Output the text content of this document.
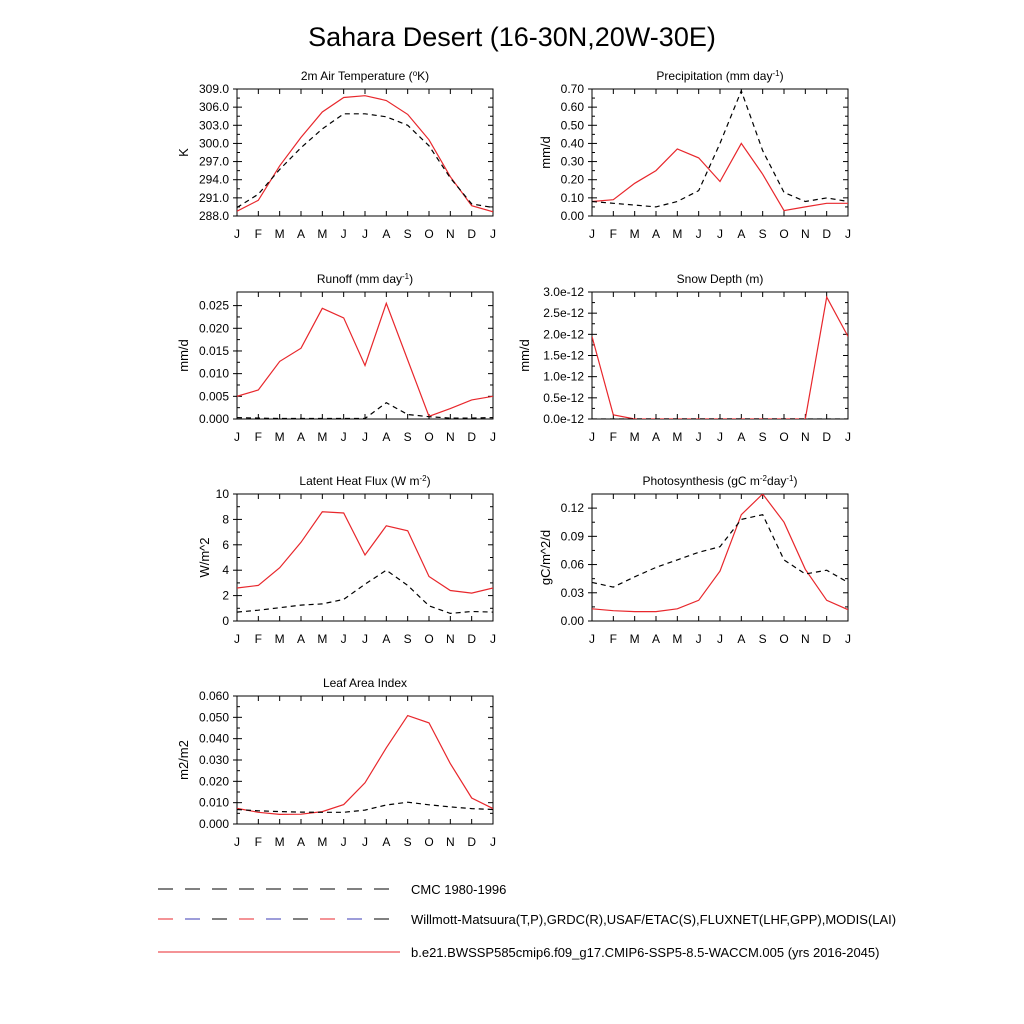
Sahara Desert (16-30N,20W-30E)
J F M A M J J A S O N D J
288.0
291.0
294.0
297.0
300.0
303.0
306.0
309.0
2m Air Temperature ($^o$K)
K
J F M A M J J A S O N D J
0.00
0.10
0.20
0.30
0.40
0.50
0.60
0.70
Precipitation (mm day$^{-1}$)
mm/d
J F M A M J J A S O N D J
0.000
0.005
0.010
0.015
0.020
0.025
Runoff (mm day$^{-1}$)
mm/d
J F M A M J J A S O N D J
0.0e-12
0.5e-12
1.0e-12
1.5e-12
2.0e-12
2.5e-12
3.0e-12
Snow Depth (m)
mm/d
J F M A M J J A S O N D J
0
2
4
6
8
10
Latent Heat Flux (W $m^{-2}$)
W/m^2
J F M A M J J A S O N D J
0.00
0.03
0.06
0.09
0.12
Photosynthesis (gC $m^{-2}day^{-1}$)
gC/m^2/d
J F M A M J J A S O N D J
0.000
0.010
0.020
0.030
0.040
0.050
0.060
Leaf Area Index
m2/m2
CMC 1980-1996
Willmott-Matsuura(T,P),GRDC(R),USAF/ETAC(S),FLUXNET(LHF,GPP),MODIS(LAI)
b.e21.BWSSP585cmip6.f09_g17.CMIP6-SSP5-8.5-WACCM.005 (yrs 2016-2045)
